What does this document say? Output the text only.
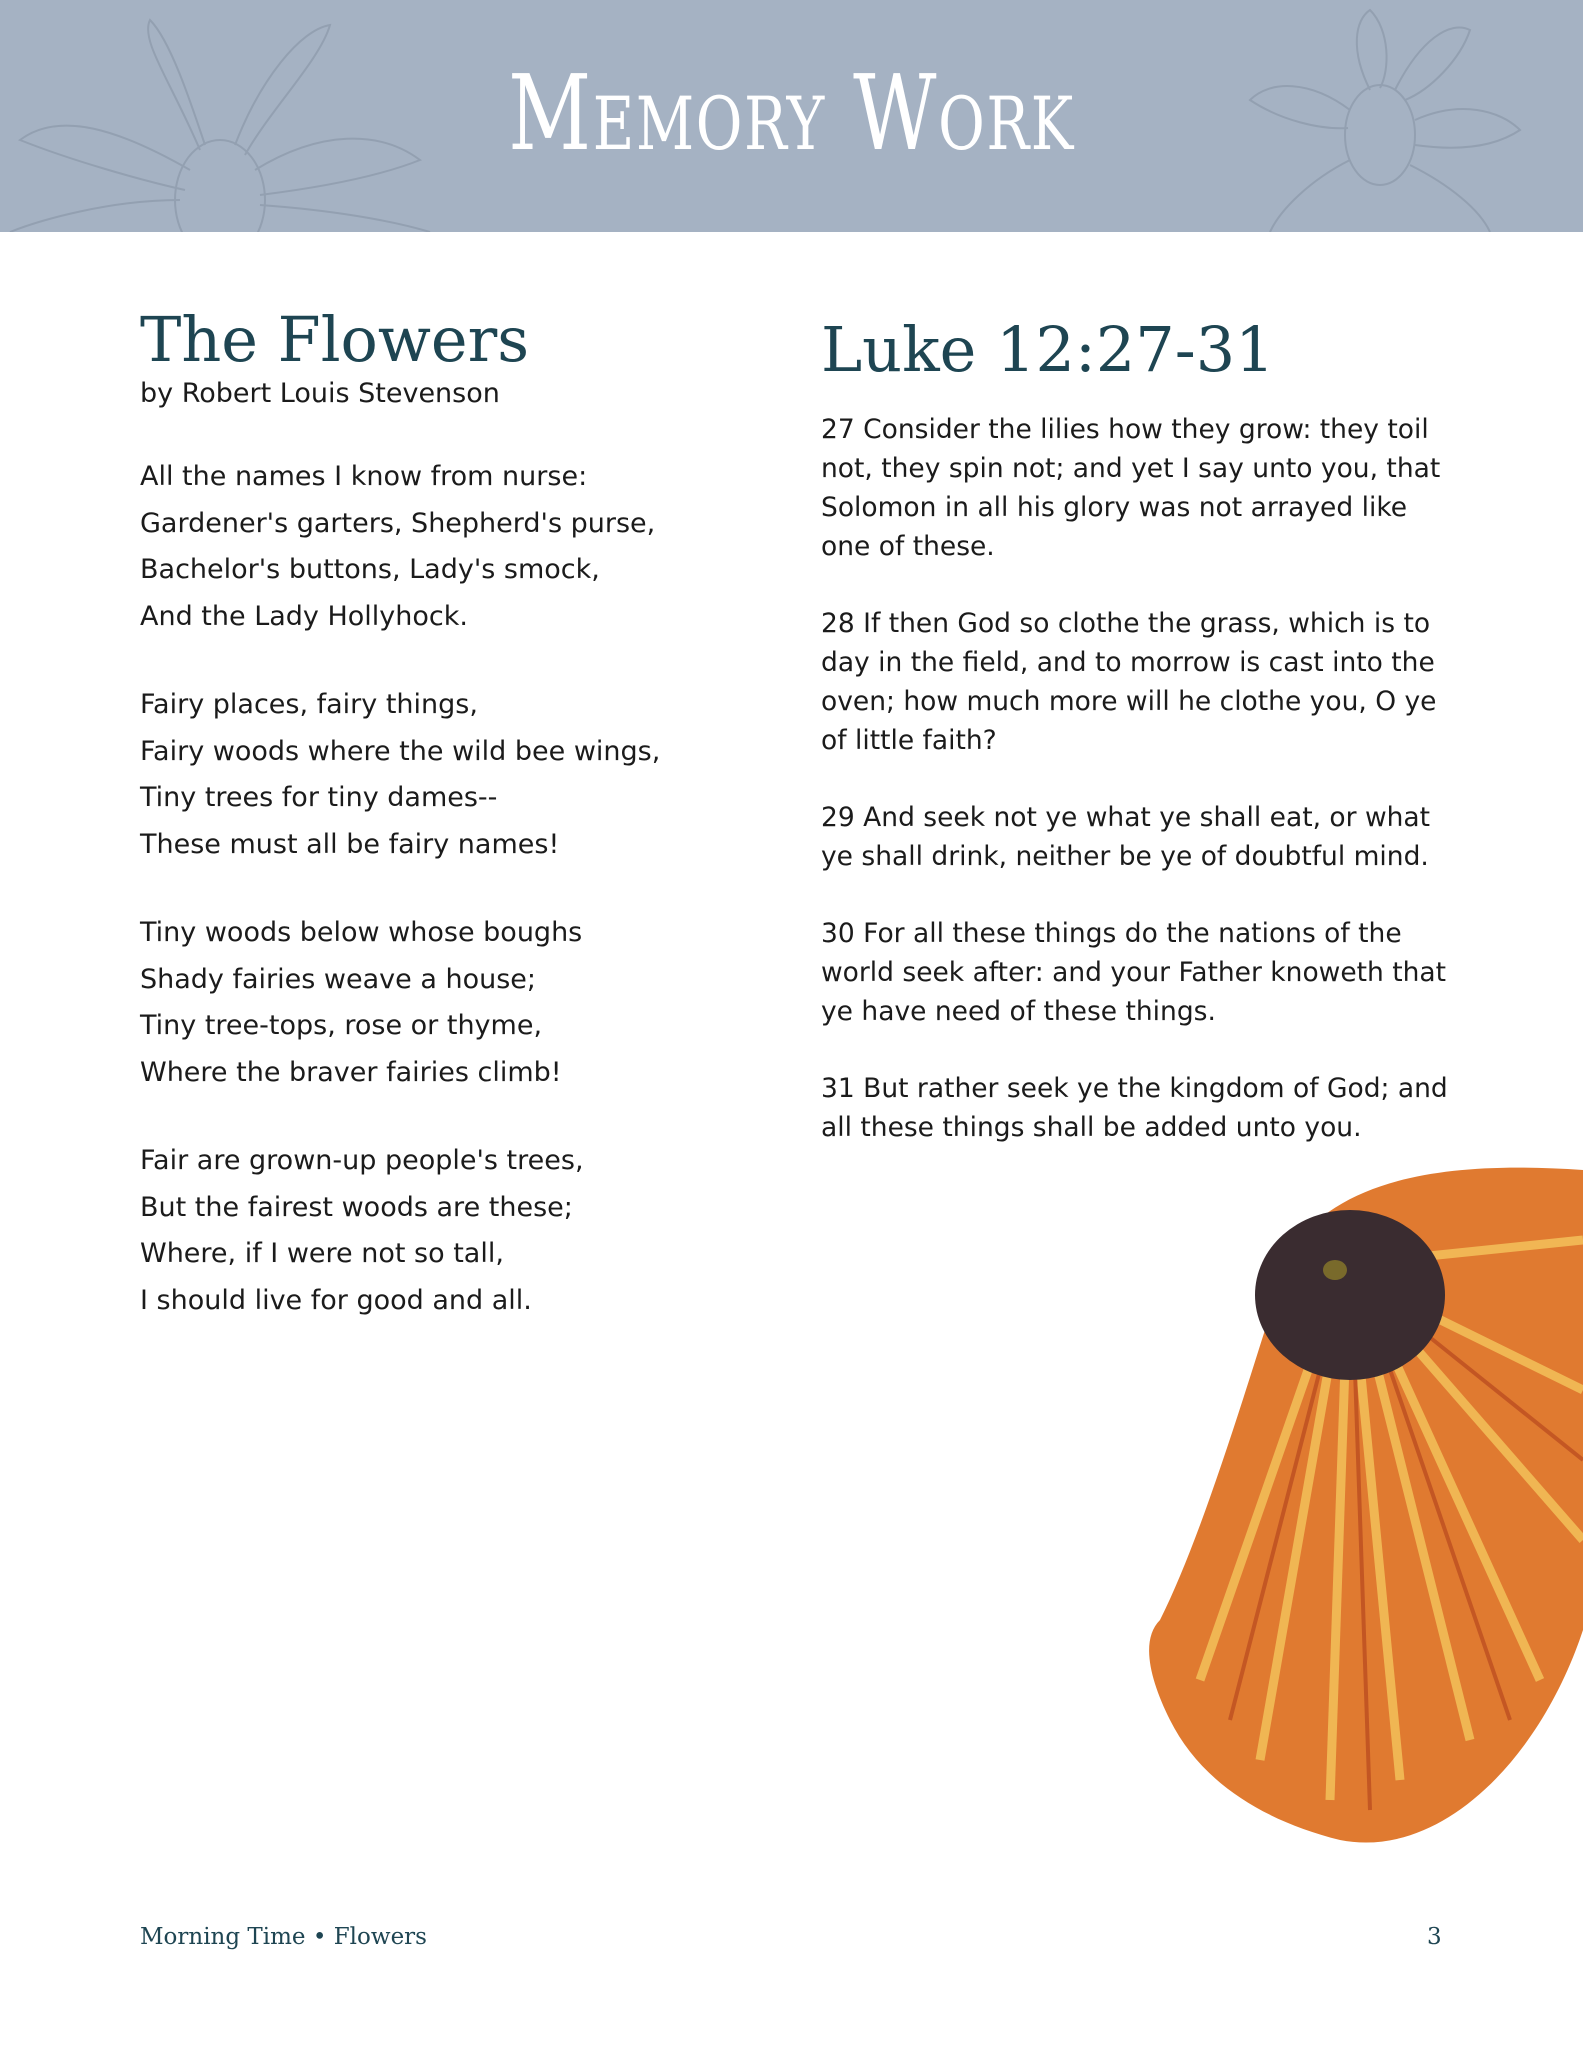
Memory Work
The Flowers
by Robert Louis Stevenson
All the names I know from nurse:
Gardener's garters, Shepherd's purse,
Bachelor's buttons, Lady's smock,
And the Lady Hollyhock.
Fairy places, fairy things,
Fairy woods where the wild bee wings,
Tiny trees for tiny dames--
These must all be fairy names!
Tiny woods below whose boughs
Shady fairies weave a house;
Tiny tree-tops, rose or thyme,
Where the braver fairies climb!
Fair are grown-up people's trees,
But the fairest woods are these;
Where, if I were not so tall,
I should live for good and all.
Luke 12:27-31
27 Consider the lilies how they grow: they toil not, they spin not; and yet I say unto you, that Solomon in all his glory was not arrayed like one of these.
28 If then God so clothe the grass, which is to day in the field, and to morrow is cast into the oven; how much more will he clothe you, O ye of little faith?
29 And seek not ye what ye shall eat, or what ye shall drink, neither be ye of doubtful mind.
30 For all these things do the nations of the world seek after: and your Father knoweth that ye have need of these things.
31 But rather seek ye the kingdom of God; and all these things shall be added unto you.
Morning Time • Flowers	3
